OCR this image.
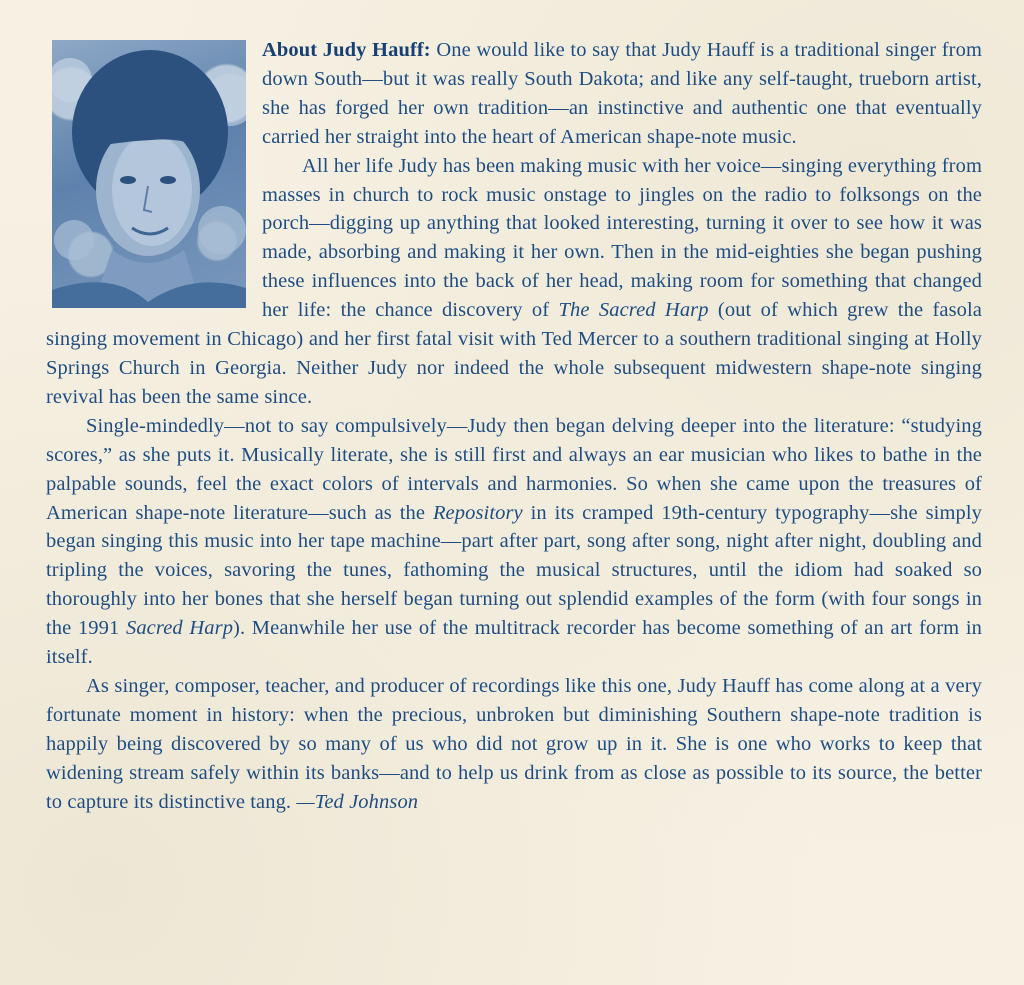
About Judy Hauff: One would like to say that Judy Hauff is a traditional singer from down South—but it was really South Dakota; and like any self-taught, trueborn artist, she has forged her own tradition—an instinctive and authentic one that eventually carried her straight into the heart of American shape-note music.

All her life Judy has been making music with her voice—singing everything from masses in church to rock music onstage to jingles on the radio to folksongs on the porch—digging up anything that looked interesting, turning it over to see how it was made, absorbing and making it her own. Then in the mid-eighties she began pushing these influences into the back of her head, making room for something that changed her life: the chance discovery of The Sacred Harp (out of which grew the fasola singing movement in Chicago) and her first fatal visit with Ted Mercer to a southern traditional singing at Holly Springs Church in Georgia. Neither Judy nor indeed the whole subsequent midwestern shape-note singing revival has been the same since.

Single-mindedly—not to say compulsively—Judy then began delving deeper into the literature: “studying scores,” as she puts it. Musically literate, she is still first and always an ear musician who likes to bathe in the palpable sounds, feel the exact colors of intervals and harmonies. So when she came upon the treasures of American shape-note literature—such as the Repository in its cramped 19th-century typography—she simply began singing this music into her tape machine—part after part, song after song, night after night, doubling and tripling the voices, savoring the tunes, fathoming the musical structures, until the idiom had soaked so thoroughly into her bones that she herself began turning out splendid examples of the form (with four songs in the 1991 Sacred Harp). Meanwhile her use of the multitrack recorder has become something of an art form in itself.

As singer, composer, teacher, and producer of recordings like this one, Judy Hauff has come along at a very fortunate moment in history: when the precious, unbroken but diminishing Southern shape-note tradition is happily being discovered by so many of us who did not grow up in it. She is one who works to keep that widening stream safely within its banks—and to help us drink from as close as possible to its source, the better to capture its distinctive tang. —Ted Johnson
